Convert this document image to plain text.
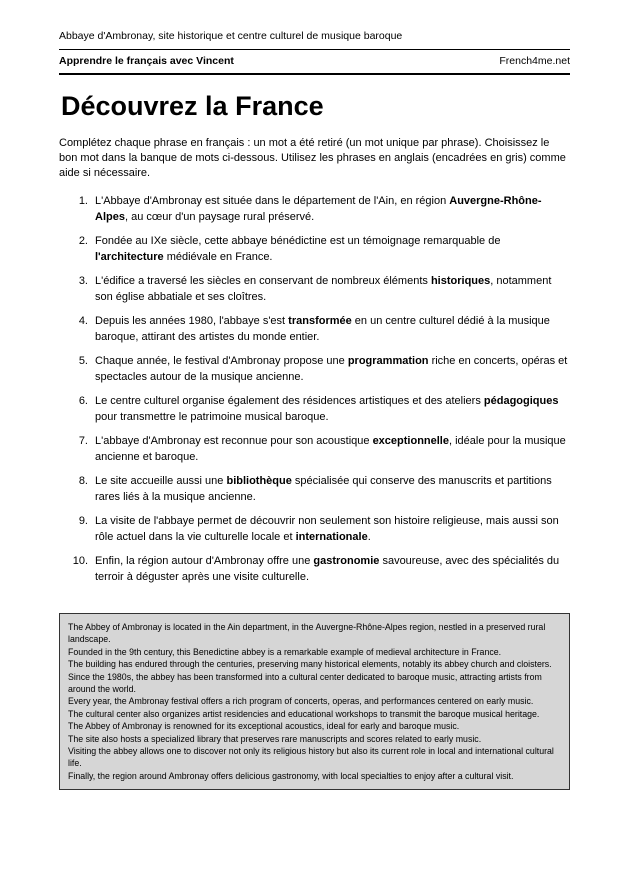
Abbaye d'Ambronay, site historique et centre culturel de musique baroque
Apprendre le français avec Vincent	French4me.net
Découvrez la France

Complétez chaque phrase en français : un mot a été retiré (un mot unique par phrase). Choisissez le bon mot dans la banque de mots ci-dessous. Utilisez les phrases en anglais (encadrées en gris) comme aide si nécessaire.

1. L'Abbaye d'Ambronay est située dans le département de l'Ain, en région Auvergne-Rhône-Alpes, au cœur d'un paysage rural préservé.
2. Fondée au IXe siècle, cette abbaye bénédictine est un témoignage remarquable de l'architecture médiévale en France.
3. L'édifice a traversé les siècles en conservant de nombreux éléments historiques, notamment son église abbatiale et ses cloîtres.
4. Depuis les années 1980, l'abbaye s'est transformée en un centre culturel dédié à la musique baroque, attirant des artistes du monde entier.
5. Chaque année, le festival d'Ambronay propose une programmation riche en concerts, opéras et spectacles autour de la musique ancienne.
6. Le centre culturel organise également des résidences artistiques et des ateliers pédagogiques pour transmettre le patrimoine musical baroque.
7. L'abbaye d'Ambronay est reconnue pour son acoustique exceptionnelle, idéale pour la musique ancienne et baroque.
8. Le site accueille aussi une bibliothèque spécialisée qui conserve des manuscrits et partitions rares liés à la musique ancienne.
9. La visite de l'abbaye permet de découvrir non seulement son histoire religieuse, mais aussi son rôle actuel dans la vie culturelle locale et internationale.
10. Enfin, la région autour d'Ambronay offre une gastronomie savoureuse, avec des spécialités du terroir à déguster après une visite culturelle.
The Abbey of Ambronay is located in the Ain department, in the Auvergne-Rhône-Alpes region, nestled in a preserved rural landscape.
Founded in the 9th century, this Benedictine abbey is a remarkable example of medieval architecture in France.
The building has endured through the centuries, preserving many historical elements, notably its abbey church and cloisters.
Since the 1980s, the abbey has been transformed into a cultural center dedicated to baroque music, attracting artists from around the world.
Every year, the Ambronay festival offers a rich program of concerts, operas, and performances centered on early music.
The cultural center also organizes artist residencies and educational workshops to transmit the baroque musical heritage.
The Abbey of Ambronay is renowned for its exceptional acoustics, ideal for early and baroque music.
The site also hosts a specialized library that preserves rare manuscripts and scores related to early music.
Visiting the abbey allows one to discover not only its religious history but also its current role in local and international cultural life.
Finally, the region around Ambronay offers delicious gastronomy, with local specialties to enjoy after a cultural visit.
